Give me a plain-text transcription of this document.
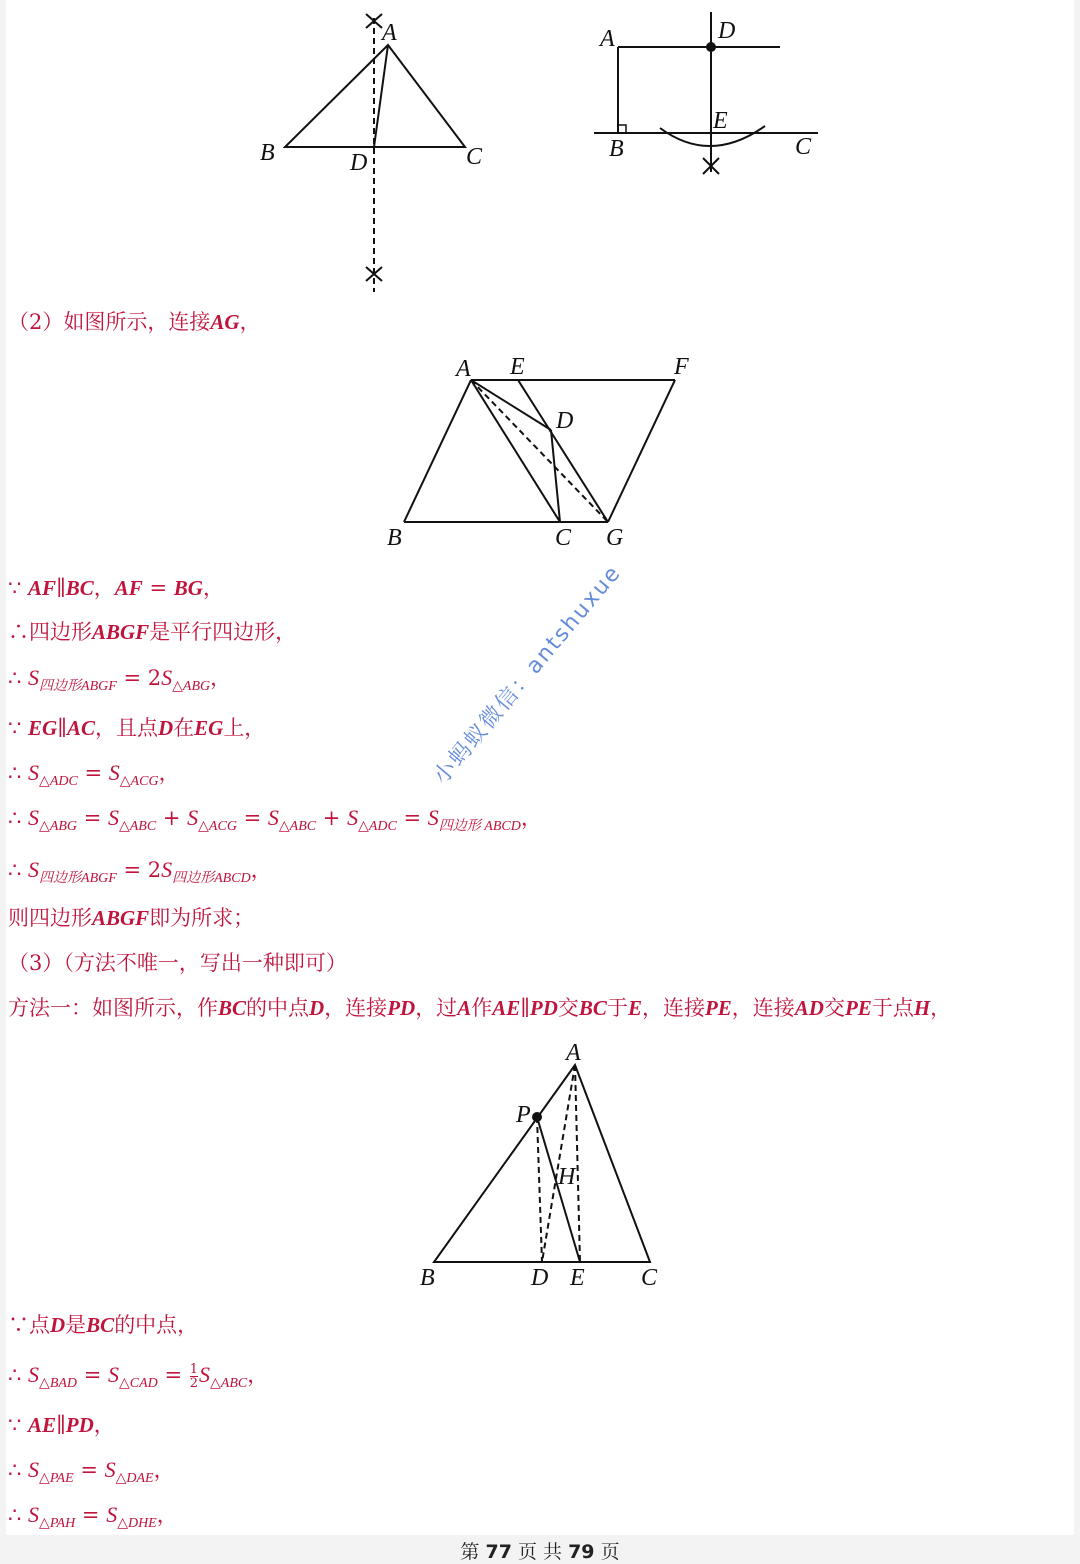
A
B	D	C
A	D
E
B	C
（2）如图所示，连接AG，
A E	F
D
B	C G
∵ AF∥BC，AF = BG，
∴四边形ABGF是平行四边形，
∴ $S_{四边形ABGF} = 2S_{\triangle ABG}$，
∵ EG∥AC，且点D在EG上，
∴ $S_{\triangle ADC} = S_{\triangle ACG}$，
∴ $S_{\triangle ABG} = S_{\triangle ABC} + S_{\triangle ACG} = S_{\triangle ABC} + S_{\triangle ADC} = S_{四边形 ABCD}$，
∴ $S_{四边形ABGF} = 2S_{四边形ABCD}$，
则四边形ABGF即为所求；
（3）（方法不唯一，写出一种即可）
方法一：如图所示，作BC的中点D，连接PD，过A作AE∥PD交BC于E，连接PE，连接AD交PE于点H，
A
P
H
B	D E C
∵点D是BC的中点，
∴ $S_{\triangle BAD} = S_{\triangle CAD} = \frac{1}{2} S_{\triangle ABC}$，
∵ AE∥PD，
∴ $S_{\triangle PAE} = S_{\triangle DAE}$，
∴ $S_{\triangle PAH} = S_{\triangle DHE}$，
小蚂蚁微信：antshuxue
第 77 页 共 79 页
